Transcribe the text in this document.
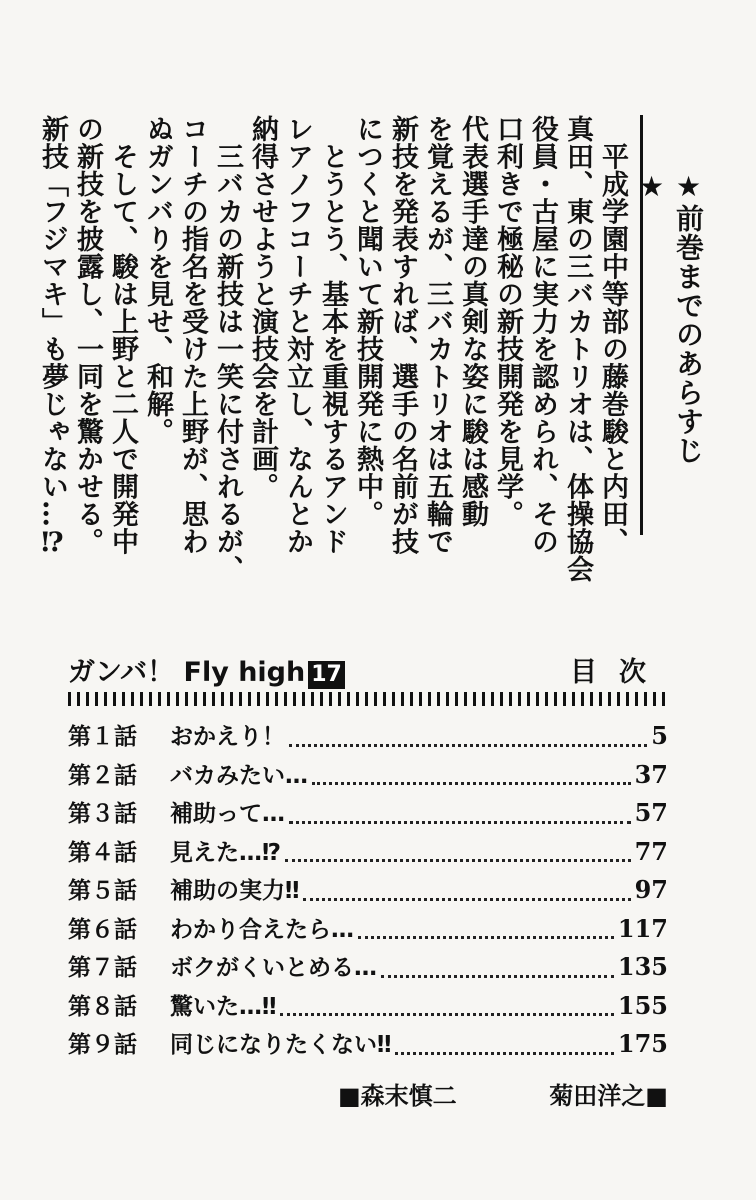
　平成学園中等部の藤巻駿と内田、
真田、東の三バカトリオは、体操協会
役員・古屋に実力を認められ、その
口利きで極秘の新技開発を見学。
代表選手達の真剣な姿に駿は感動
を覚えるが、三バカトリオは五輪で
新技を発表すれば、選手の名前が技
につくと聞いて新技開発に熱中。
　とうとう、基本を重視するアンド
レアノフコーチと対立し、なんとか
納得させようと演技会を計画。
　三バカの新技は一笑に付されるが、
コーチの指名を受けた上野が、思わ
ぬガンバりを見せ、和解。
　そして、駿は上野と二人で開発中
の新技を披露し、一同を驚かせる。
新技「フジマキ」も夢じゃない…⁉	★前巻までのあらすじ★
ガンバ！ Fly high 17	目次
第１話	おかえり！	5
第２話	バカみたい…	37
第３話	補助って…	57
第４話	見えた…⁉	77
第５話	補助の実力‼	97
第６話	わかり合えたら…	117
第７話	ボクがくいとめる…	135
第８話	驚いた…‼	155
第９話	同じになりたくない‼	175
■森末慎二	菊田洋之■
